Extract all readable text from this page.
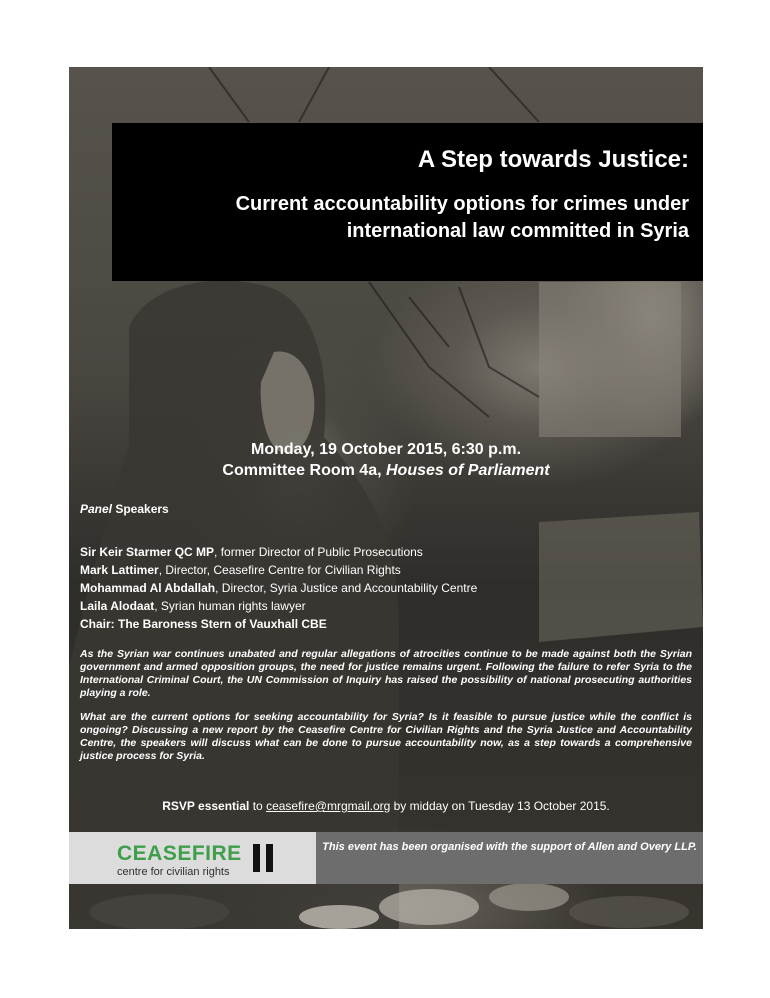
A Step towards Justice:
Current accountability options for crimes under international law committed in Syria
Monday, 19 October 2015, 6:30 p.m.
Committee Room 4a, Houses of Parliament
Panel Speakers
Sir Keir Starmer QC MP, former Director of Public Prosecutions
Mark Lattimer, Director, Ceasefire Centre for Civilian Rights
Mohammad Al Abdallah, Director, Syria Justice and Accountability Centre
Laila Alodaat, Syrian human rights lawyer
Chair: The Baroness Stern of Vauxhall CBE

As the Syrian war continues unabated and regular allegations of atrocities continue to be made against both the Syrian government and armed opposition groups, the need for justice remains urgent. Following the failure to refer Syria to the International Criminal Court, the UN Commission of Inquiry has raised the possibility of national prosecuting authorities playing a role.

What are the current options for seeking accountability for Syria? Is it feasible to pursue justice while the conflict is ongoing? Discussing a new report by the Ceasefire Centre for Civilian Rights and the Syria Justice and Accountability Centre, the speakers will discuss what can be done to pursue accountability now, as a step towards a comprehensive justice process for Syria.

RSVP essential to ceasefire@mrgmail.org by midday on Tuesday 13 October 2015.
CEASEFIRE
centre for civilian rights

This event has been organised with the support of Allen and Overy LLP.
